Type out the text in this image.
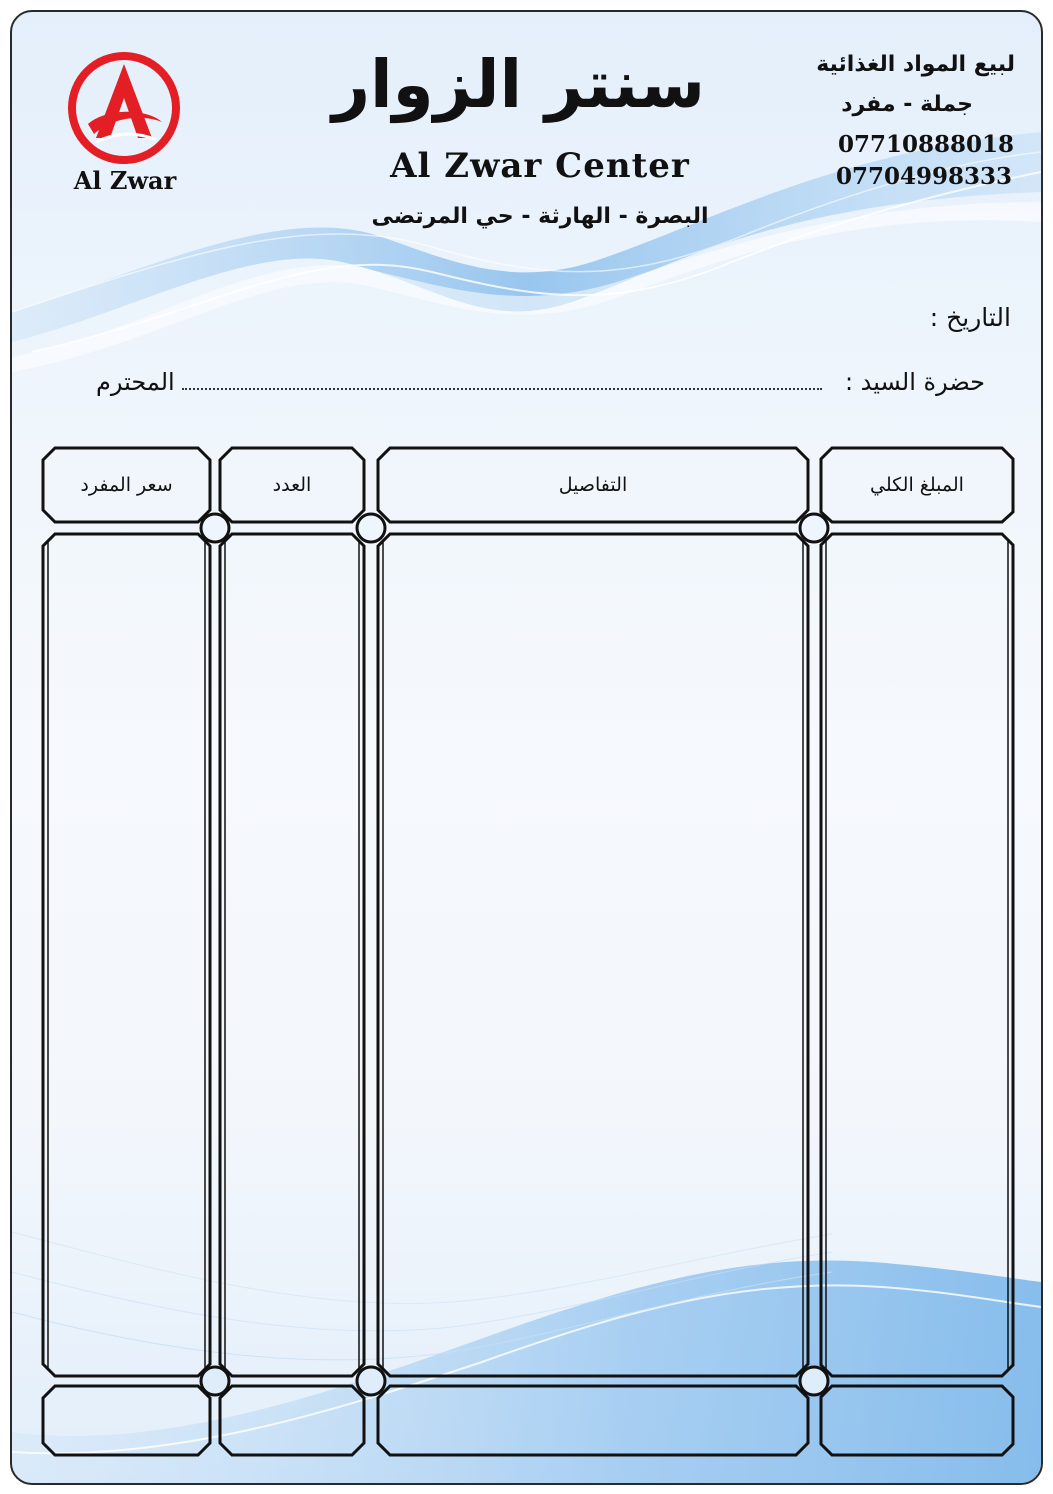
سنتر الزوار
Al Zwar Center
البصرة - الهارثة - حي المرتضى
لبيع المواد الغذائية
جملة - مفرد
07710888018
07704998333
Al Zwar
التاريخ :
حضرة السيد :
المحترم
المبلغ الكلي
التفاصيل
العدد
سعر المفرد
